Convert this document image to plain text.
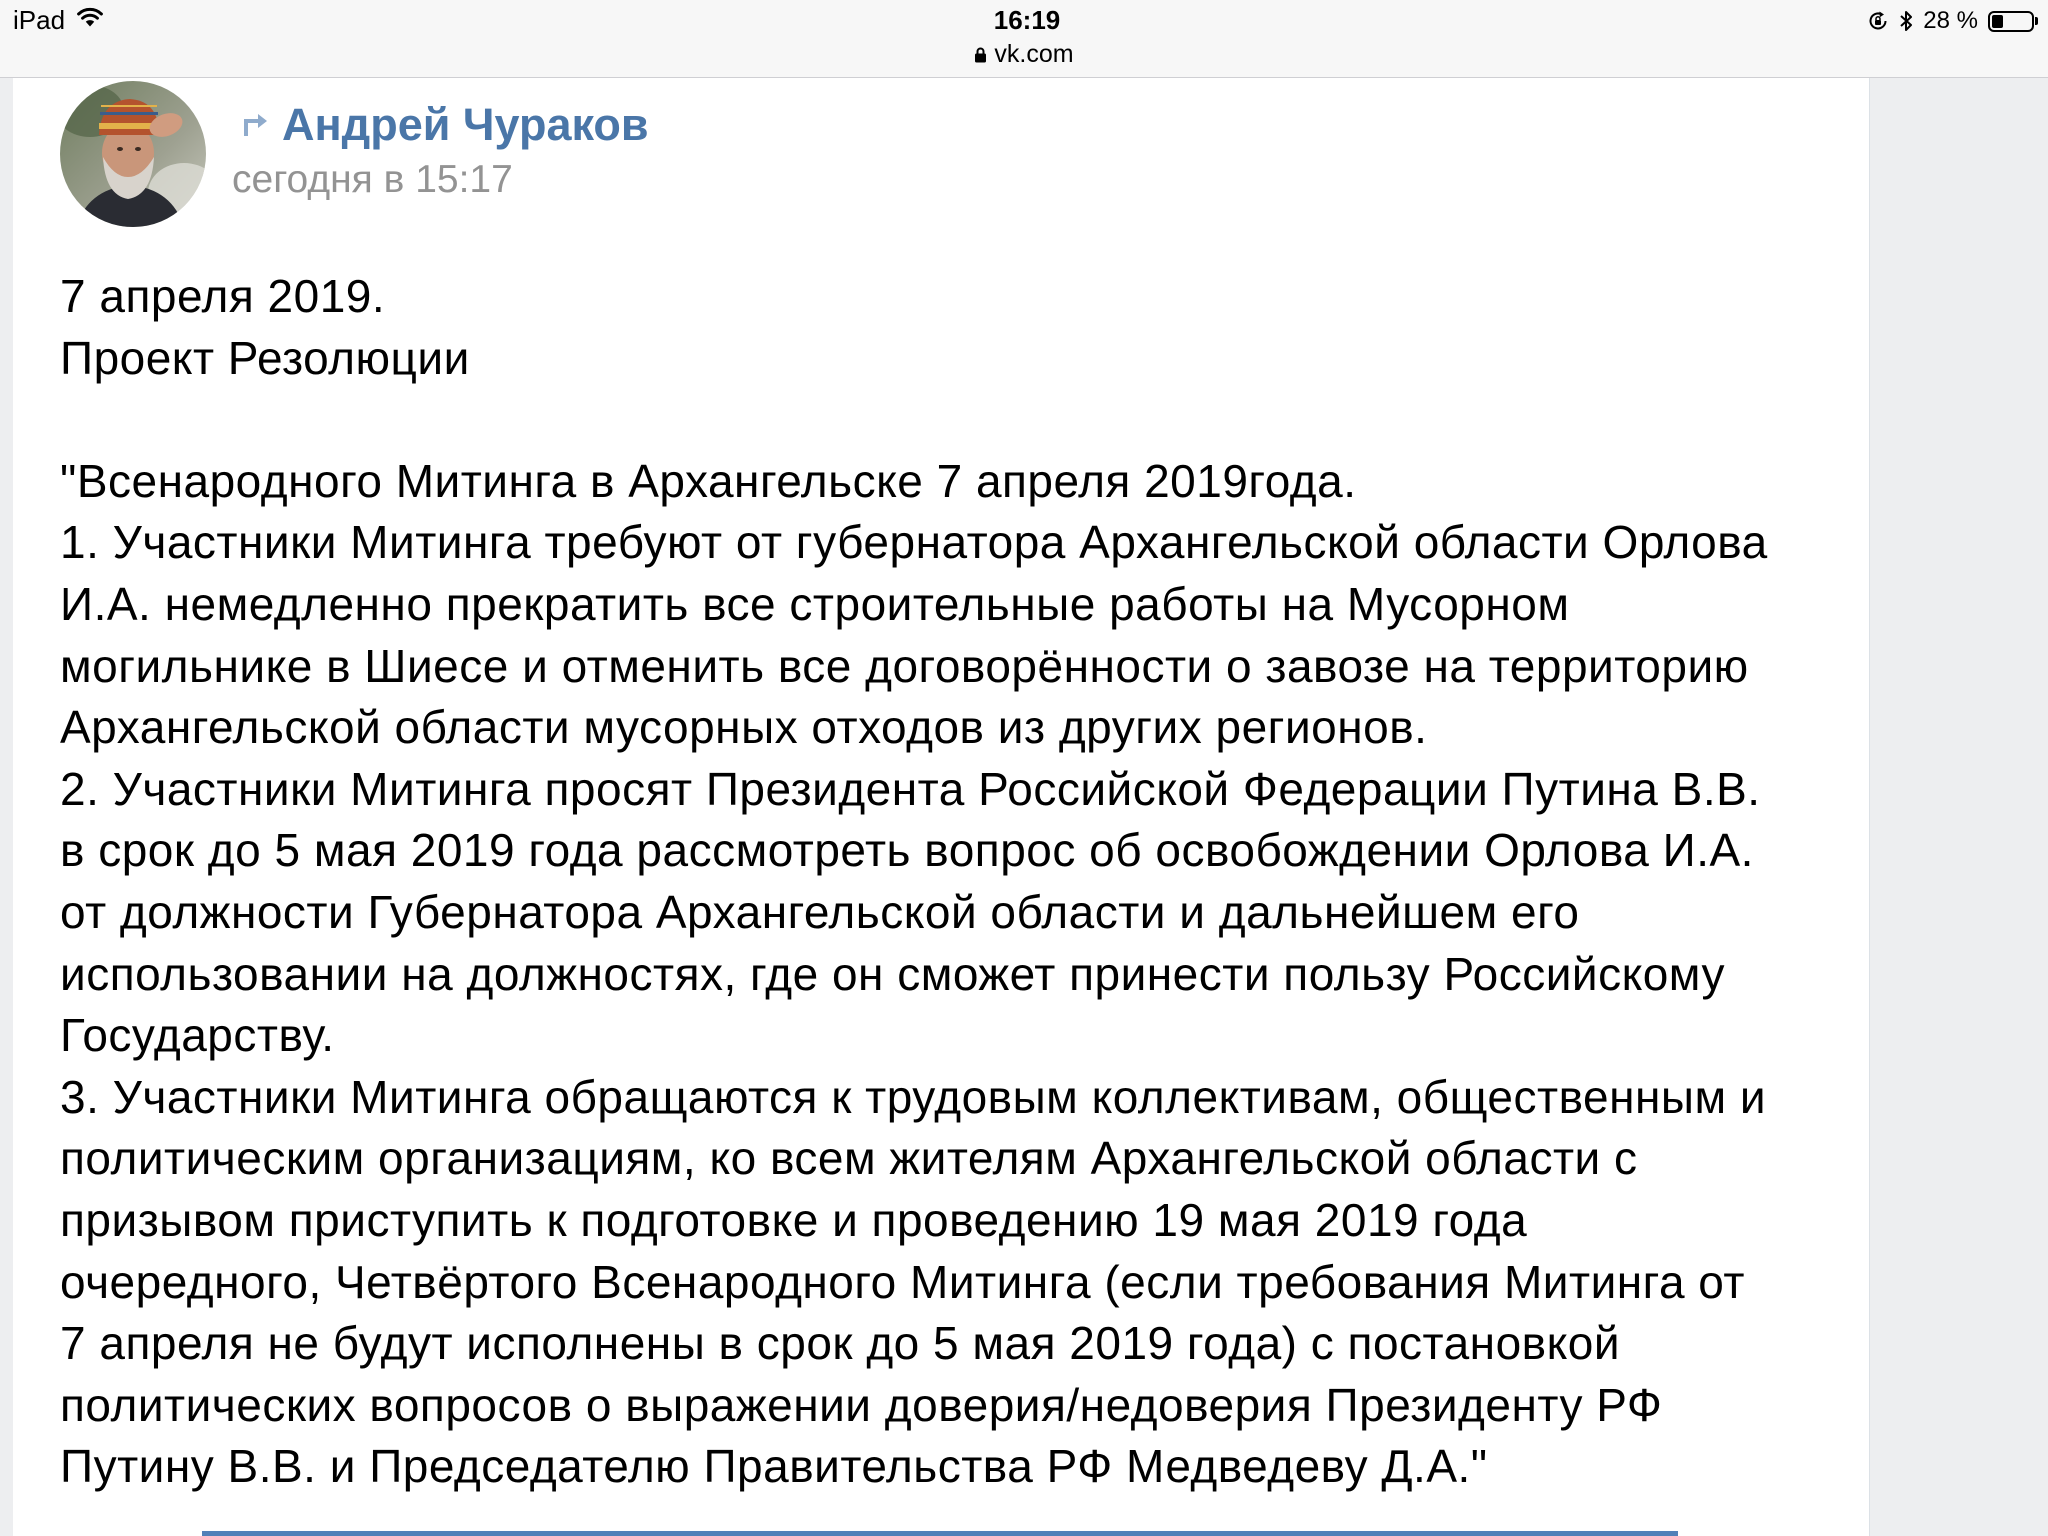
iPad	16:19
vk.com
28 %
Андрей Чураков
сегодня в 15:17
7 апреля 2019.
Проект Резолюции
"Всенародного Митинга в Архангельске 7 апреля 2019года.
1. Участники Митинга требуют от губернатора Архангельской области Орлова
И.А. немедленно прекратить все строительные работы на Мусорном
могильнике в Шиесе и отменить все договорённости о завозе на территорию
Архангельской области мусорных отходов из других регионов.
2. Участники Митинга просят Президента Российской Федерации Путина В.В.
в срок до 5 мая 2019 года рассмотреть вопрос об освобождении Орлова И.А.
от должности Губернатора Архангельской области и дальнейшем его
использовании на должностях, где он сможет принести пользу Российскому
Государству.
3. Участники Митинга обращаются к трудовым коллективам, общественным и
политическим организациям, ко всем жителям Архангельской области с
призывом приступить к подготовке и проведению 19 мая 2019 года
очередного, Четвёртого Всенародного Митинга (если требования Митинга от
7 апреля не будут исполнены в срок до 5 мая 2019 года) с постановкой
политических вопросов о выражении доверия/недоверия Президенту РФ
Путину В.В. и Председателю Правительства РФ Медведеву Д.А."
